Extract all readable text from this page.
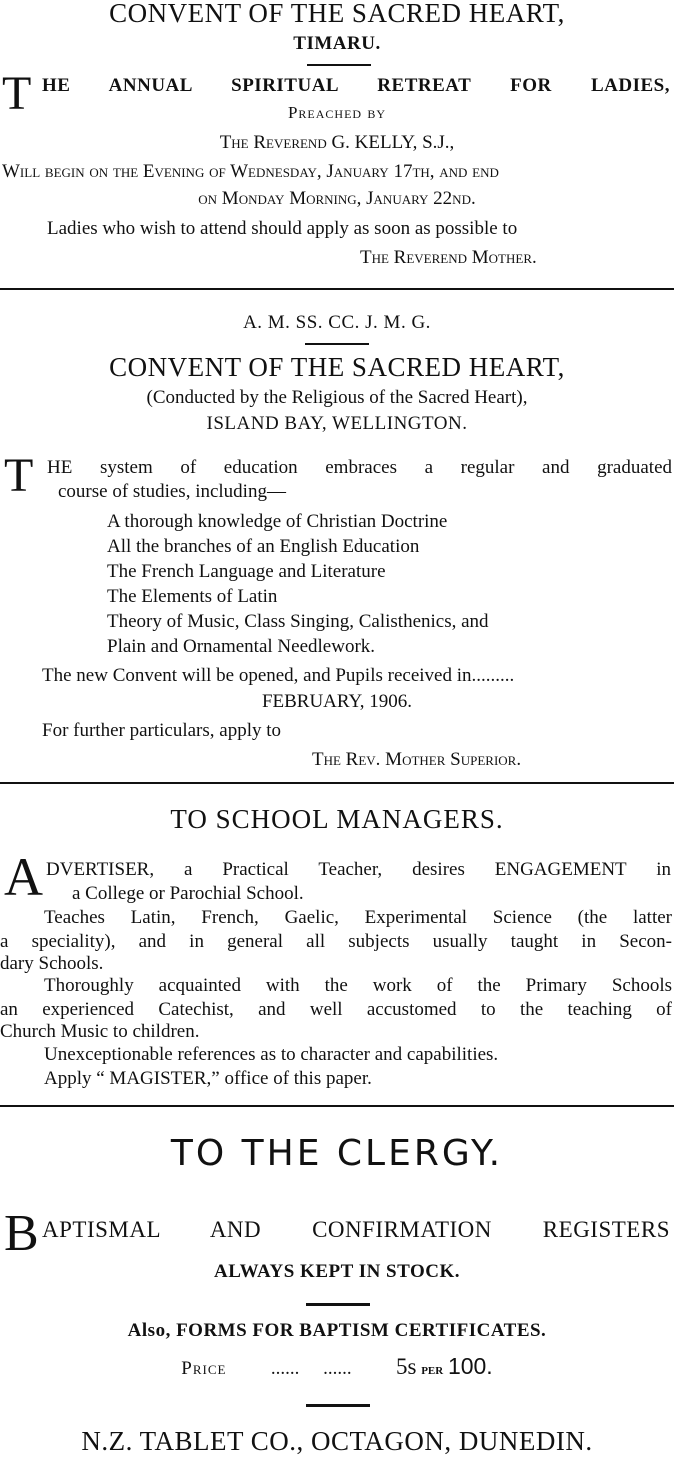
CONVENT OF THE SACRED HEART,
TIMARU.
T HE ANNUAL SPIRITUAL RETREAT FOR LADIES,
Preached by
The Reverend G. KELLY, S.J.,
Will begin on the Evening of Wednesday, January 17th, and end
on Monday Morning, January 22nd.
Ladies who wish to attend should apply as soon as possible to
The Reverend Mother.
A. M. SS. CC. J. M. G.
CONVENT OF THE SACRED HEART,
(Conducted by the Religious of the Sacred Heart),
ISLAND BAY, WELLINGTON.
T HE system of education embraces a regular and graduated
course of studies, including—
A thorough knowledge of Christian Doctrine
All the branches of an English Education
The French Language and Literature
The Elements of Latin
Theory of Music, Class Singing, Calisthenics, and
Plain and Ornamental Needlework.
The new Convent will be opened, and Pupils received in.........
FEBRUARY, 1906.
For further particulars, apply to
The Rev. Mother Superior.
TO SCHOOL MANAGERS.
A DVERTISER, a Practical Teacher, desires ENGAGEMENT in
a College or Parochial School.
Teaches Latin, French, Gaelic, Experimental Science (the latter
a speciality), and in general all subjects usually taught in Secon-
dary Schools.
Thoroughly acquainted with the work of the Primary Schools
an experienced Catechist, and well accustomed to the teaching of
Church Music to children.
Unexceptionable references as to character and capabilities.
Apply “ MAGISTER,” office of this paper.
TO THE CLERGY.
B APTISMAL AND CONFIRMATION REGISTERS
ALWAYS KEPT IN STOCK.
Also, FORMS FOR BAPTISM CERTIFICATES.
Price ......     ...... 5s per 100.
N.Z. TABLET CO., OCTAGON, DUNEDIN.
